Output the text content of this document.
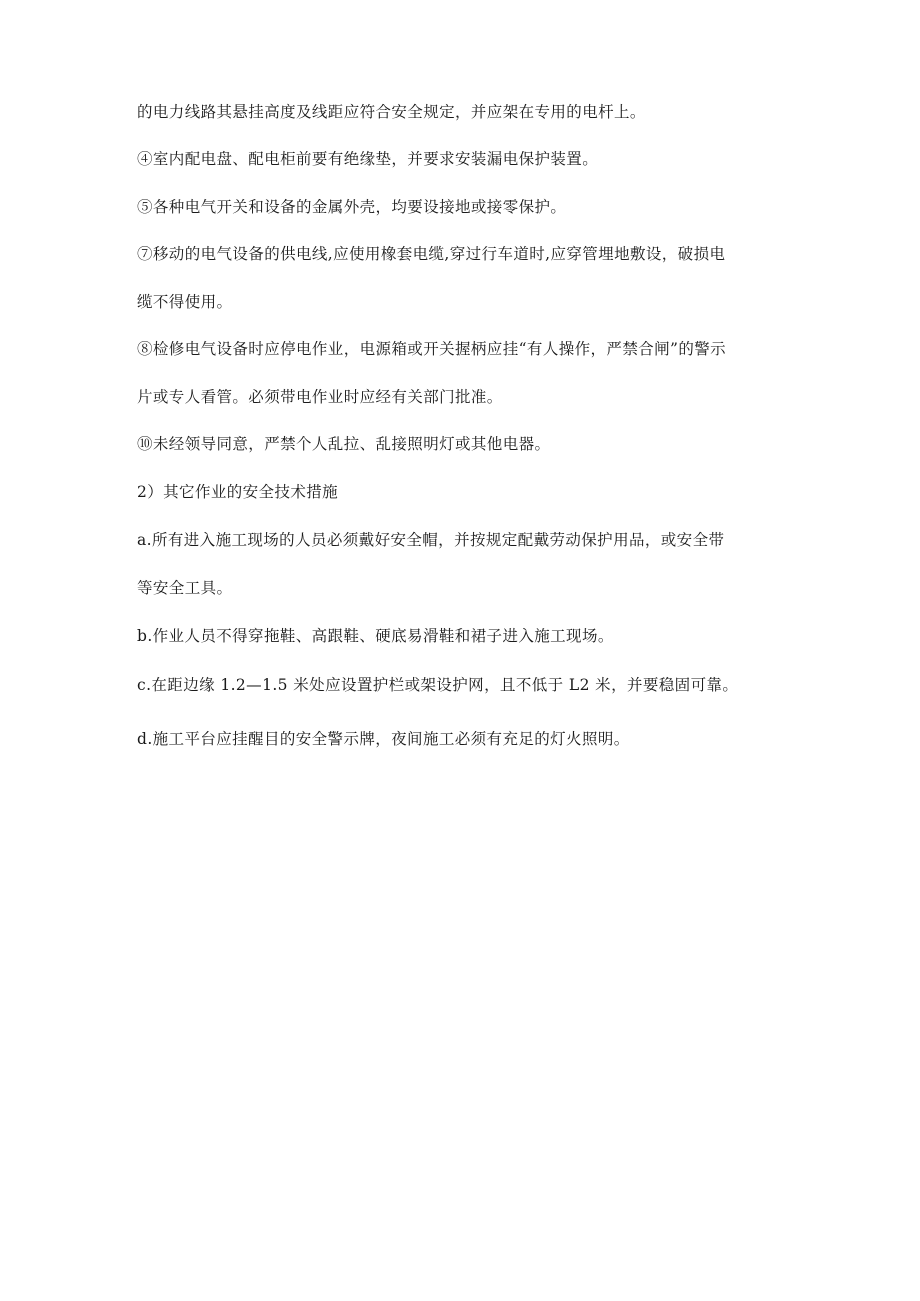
的电力线路其悬挂高度及线距应符合安全规定，并应架在专用的电杆上。
④室内配电盘、配电柜前要有绝缘垫，并要求安装漏电保护装置。
⑤各种电气开关和设备的金属外壳，均要设接地或接零保护。
⑦移动的电气设备的供电线,应使用橡套电缆,穿过行车道时,应穿管埋地敷设，破损电
缆不得使用。
⑧检修电气设备时应停电作业，电源箱或开关握柄应挂“有人操作，严禁合闸”的警示
片或专人看管。必须带电作业时应经有关部门批准。
⑩未经领导同意，严禁个人乱拉、乱接照明灯或其他电器。
2）其它作业的安全技术措施
a.所有进入施工现场的人员必须戴好安全帽，并按规定配戴劳动保护用品，或安全带
等安全工具。
b.作业人员不得穿拖鞋、高跟鞋、硬底易滑鞋和裙子进入施工现场。
c.在距边缘 1.2—1.5 米处应设置护栏或架设护网，且不低于 L2 米，并要稳固可靠。
d.施工平台应挂醒目的安全警示牌，夜间施工必须有充足的灯火照明。
